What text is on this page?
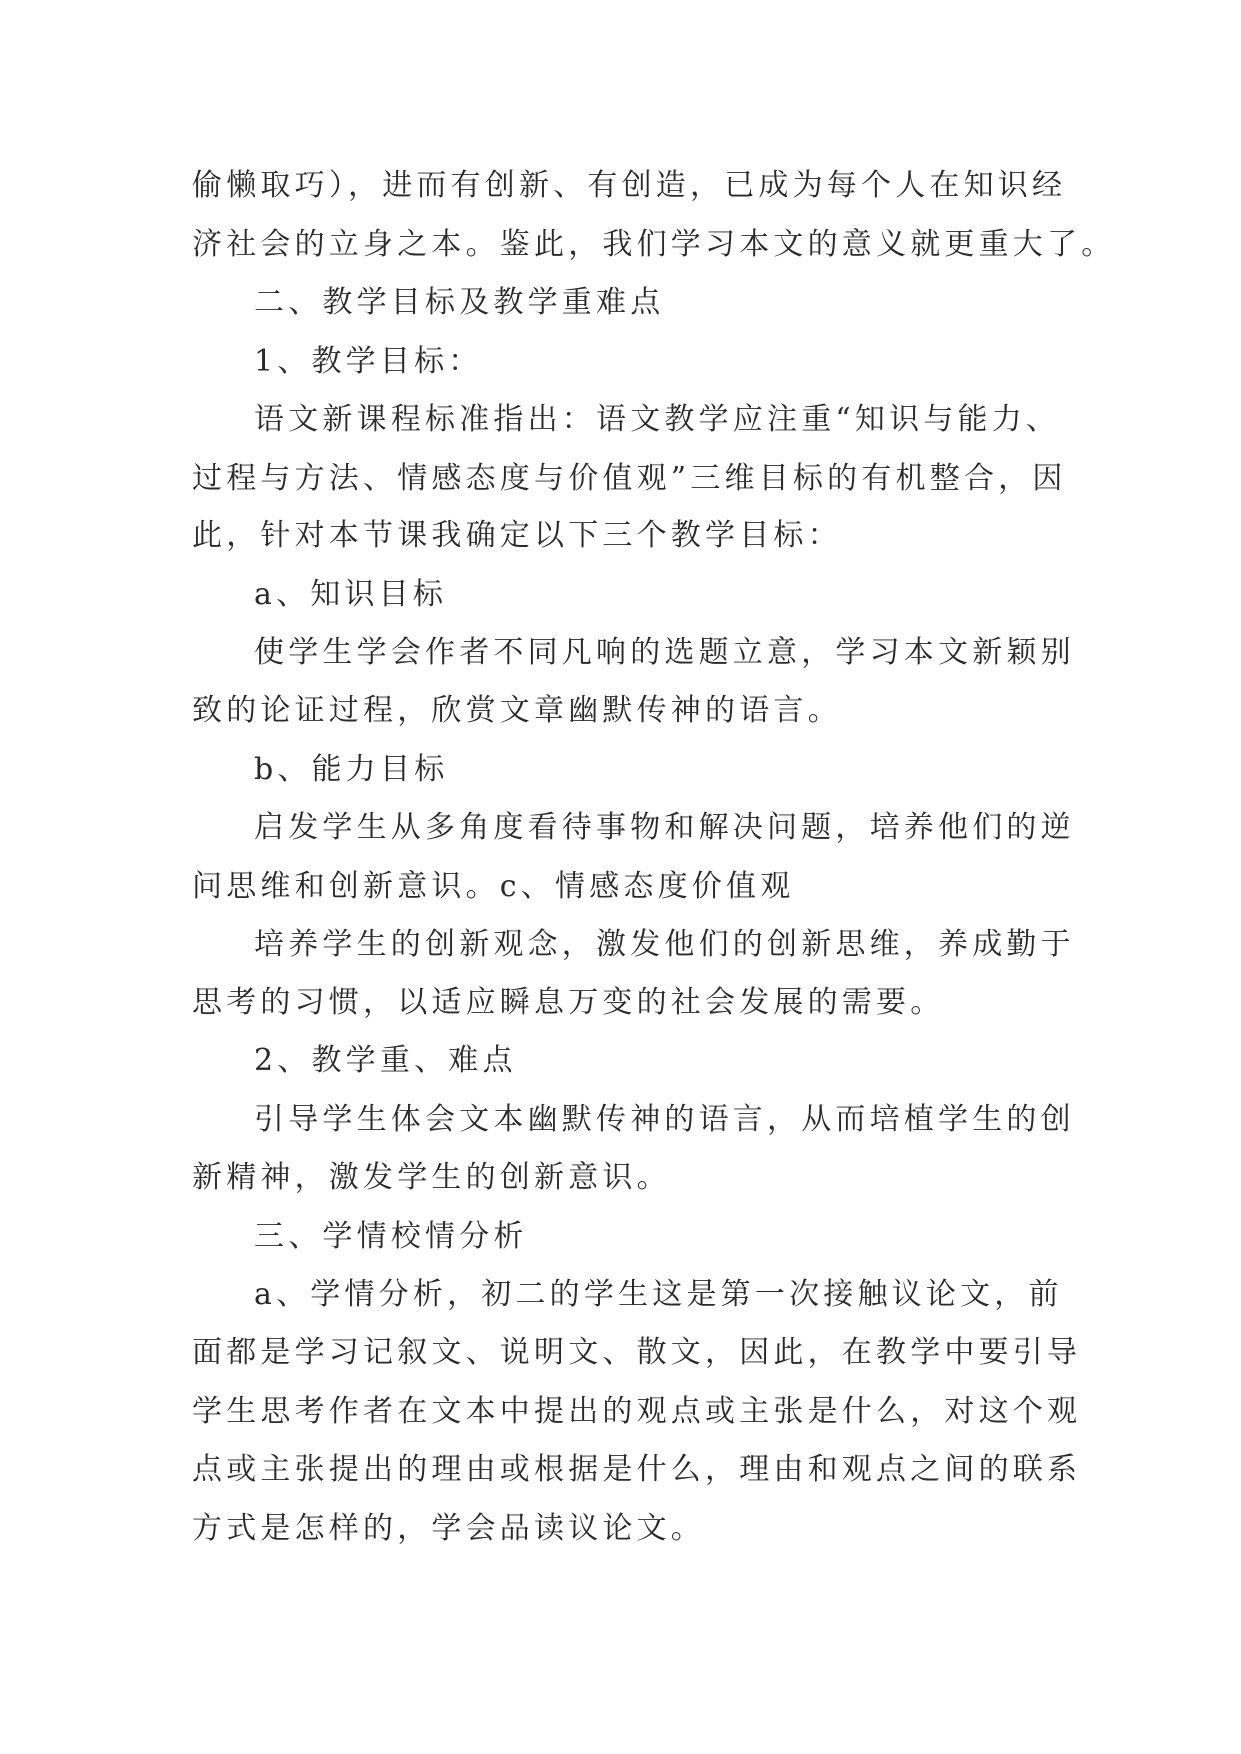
偷懒取巧），进而有创新、有创造，已成为每个人在知识经
济社会的立身之本。鉴此，我们学习本文的意义就更重大了。
二、教学目标及教学重难点
1、教学目标：
语文新课程标准指出：语文教学应注重“知识与能力、
过程与方法、情感态度与价值观”三维目标的有机整合，因
此，针对本节课我确定以下三个教学目标：
a、知识目标
使学生学会作者不同凡响的选题立意，学习本文新颖别
致的论证过程，欣赏文章幽默传神的语言。
b、能力目标
启发学生从多角度看待事物和解决问题，培养他们的逆
问思维和创新意识。c、情感态度价值观
培养学生的创新观念，激发他们的创新思维，养成勤于
思考的习惯，以适应瞬息万变的社会发展的需要。
2、教学重、难点
引导学生体会文本幽默传神的语言，从而培植学生的创
新精神，激发学生的创新意识。
三、学情校情分析
a、学情分析，初二的学生这是第一次接触议论文，前
面都是学习记叙文、说明文、散文，因此，在教学中要引导
学生思考作者在文本中提出的观点或主张是什么，对这个观
点或主张提出的理由或根据是什么，理由和观点之间的联系
方式是怎样的，学会品读议论文。
